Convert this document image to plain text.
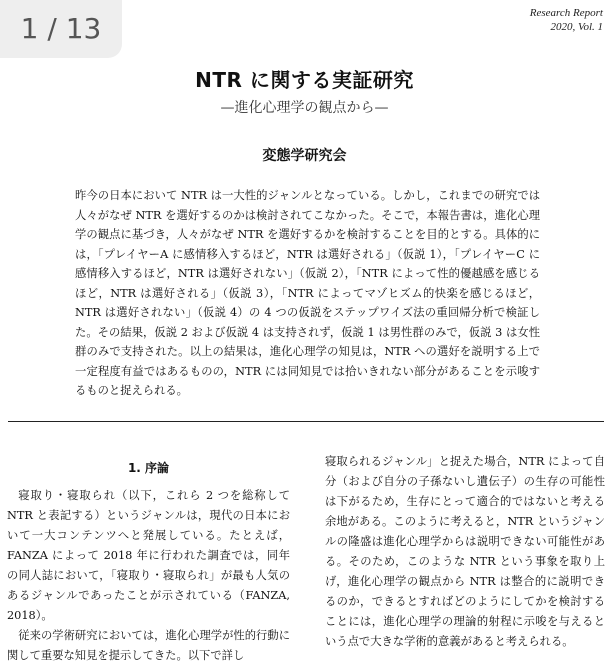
1 / 13	Research Report
2020, Vol. 1
NTR に関する実証研究
—進化心理学の観点から—
変態学研究会

昨今の日本において NTR は一大性的ジャンルとなっている。しかし，これまでの研究では人々がなぜ NTR を選好するのかは検討されてこなかった。そこで，本報告書は，進化心理学の観点に基づき，人々がなぜ NTR を選好するかを検討することを目的とする。具体的には，「プレイヤーA に感情移入するほど，NTR は選好される」（仮説 1），「プレイヤーC に感情移入するほど，NTR は選好されない」（仮説 2），「NTR によって性的優越感を感じるほど，NTR は選好される」（仮説 3），「NTR によってマゾヒズム的快楽を感じるほど，NTR は選好されない」（仮説 4）の 4 つの仮説をステップワイズ法の重回帰分析で検証した。その結果，仮説 2 および仮説 4 は支持されず，仮説 1 は男性群のみで，仮説 3 は女性群のみで支持された。以上の結果は，進化心理学の知見は，NTR への選好を説明する上で一定程度有益ではあるものの，NTR には同知見では拾いきれない部分があることを示唆するものと捉えられる。

1. 序論

寝取り・寝取られ（以下，これら 2 つを総称して NTR と表記する）というジャンルは，現代の日本において一大コンテンツへと発展している。たとえば，FANZA によって 2018 年に行われた調査では，同年の同人誌において，「寝取り・寝取られ」が最も人気のあるジャンルであったことが示されている（FANZA, 2018）。

従来の学術研究においては，進化心理学が性的行動に関して重要な知見を提示してきた。以下で詳し

寝取られるジャンル」と捉えた場合，NTR によって自分（および自分の子孫ないし遺伝子）の生存の可能性は下がるため，生存にとって適合的ではないと考える余地がある。このように考えると，NTR というジャンルの隆盛は進化心理学からは説明できない可能性がある。そのため，このような NTR という事象を取り上げ，進化心理学の観点から NTR は整合的に説明できるのか，できるとすればどのようにしてかを検討することには，進化心理学の理論的射程に示唆を与えるという点で大きな学術的意義があると考えられる。
